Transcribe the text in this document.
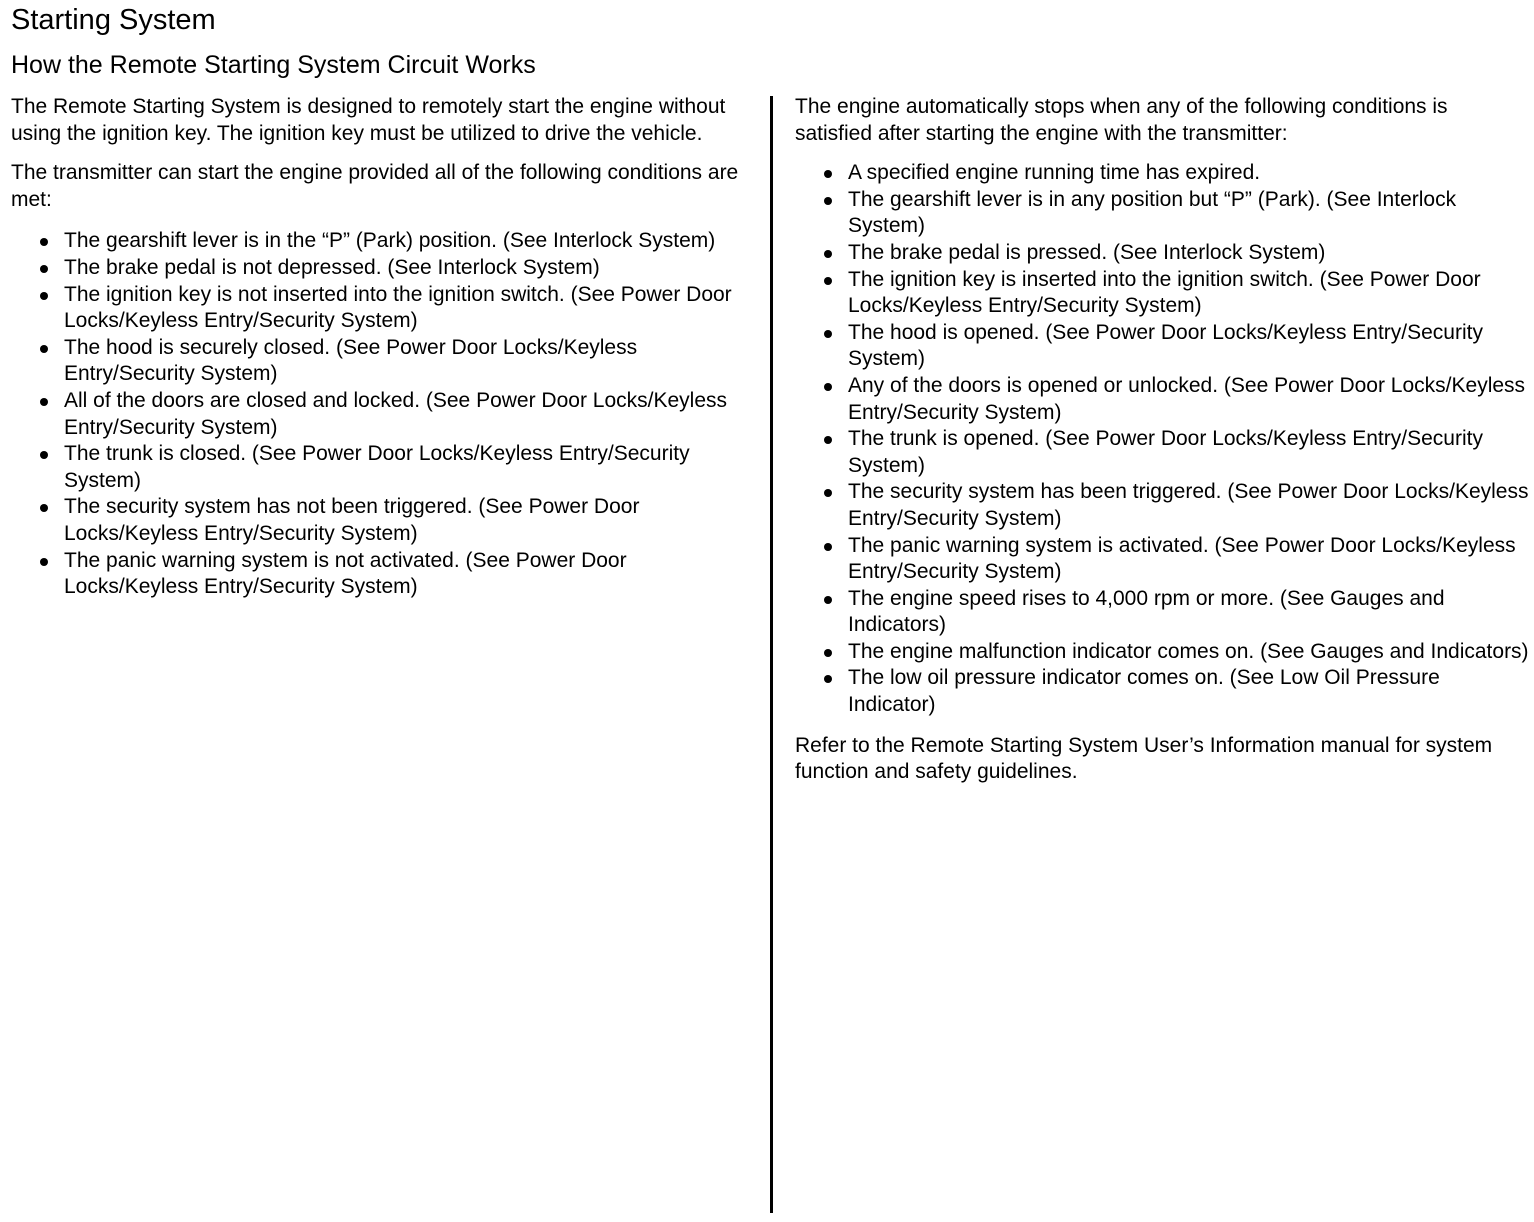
Starting System
How the Remote Starting System Circuit Works

The Remote Starting System is designed to remotely start the engine without using the ignition key. The ignition key must be utilized to drive the vehicle.

The transmitter can start the engine provided all of the following conditions are met:

The gearshift lever is in the “P” (Park) position. (See Interlock System)
The brake pedal is not depressed. (See Interlock System)
The ignition key is not inserted into the ignition switch. (See Power Door Locks/Keyless Entry/Security System)
The hood is securely closed. (See Power Door Locks/Keyless Entry/Security System)
All of the doors are closed and locked. (See Power Door Locks/Keyless Entry/Security System)
The trunk is closed. (See Power Door Locks/Keyless Entry/Security System)
The security system has not been triggered. (See Power Door Locks/Keyless Entry/Security System)
The panic warning system is not activated. (See Power Door Locks/Keyless Entry/Security System)

The engine automatically stops when any of the following conditions is satisfied after starting the engine with the transmitter:

A specified engine running time has expired.
The gearshift lever is in any position but “P” (Park). (See Interlock System)
The brake pedal is pressed. (See Interlock System)
The ignition key is inserted into the ignition switch. (See Power Door Locks/Keyless Entry/Security System)
The hood is opened. (See Power Door Locks/Keyless Entry/Security System)
Any of the doors is opened or unlocked. (See Power Door Locks/Keyless Entry/Security System)
The trunk is opened. (See Power Door Locks/Keyless Entry/Security System)
The security system has been triggered. (See Power Door Locks/Keyless Entry/Security System)
The panic warning system is activated. (See Power Door Locks/Keyless Entry/Security System)
The engine speed rises to 4,000 rpm or more. (See Gauges and Indicators)
The engine malfunction indicator comes on. (See Gauges and Indicators)
The low oil pressure indicator comes on. (See Low Oil Pressure Indicator)

Refer to the Remote Starting System User’s Information manual for system function and safety guidelines.
